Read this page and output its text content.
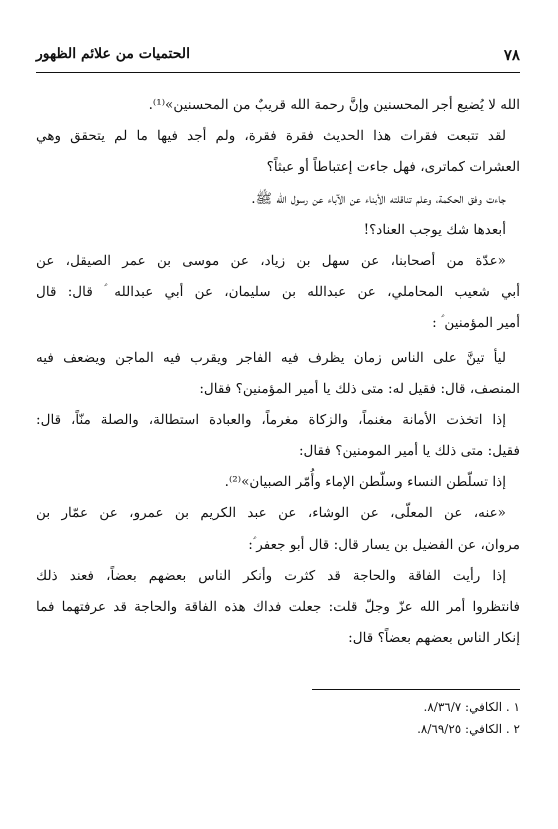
٧٨
الحتميات من علائم الظهور
الله لا يُضيع أجر المحسنين وإنَّ رحمة الله قريبٌ من المحسنين»⁽¹⁾.
لقد تتبعت فقرات هذا الحديث فقرة فقرة، ولم أجد فيها ما لم يتحقق وهي
العشرات كماترى، فهل جاءت إعتباطاً أو عبثاً؟
جاءت وفق الحكمة، وعلم تناقلته الأبناء عن الآباء عن رسول الله ﷺ.
أبعدها شك يوجب العناد؟!
«عدّة من أصحابنا، عن سهل بن زياد، عن موسى بن عمر الصيقل، عن
أبي شعيب المحاملي، عن عبدالله بن سليمان، عن أبي عبدالله ؑ قال: قال
أمير المؤمنين ؑ :
ليأ تينَّ على الناس زمان يظرف فيه الفاجر ويقرب فيه الماجن ويضعف فيه
المنصف، قال: فقيل له: متى ذلك يا أمير المؤمنين؟ فقال:
إذا اتخذت الأمانة مغنماً، والزكاة مغرماً، والعبادة استطالة، والصلة منّاً، قال:
فقيل: متى ذلك يا أمير المومنين؟ فقال:
إذا تسلّطن النساء وسلّطن الإماء وأُمّر الصبيان»⁽²⁾.
«عنه، عن المعلّى، عن الوشاء، عن عبد الكريم بن عمرو، عن عمّار بن
مروان، عن الفضيل بن يسار قال: قال أبو جعفر ؑ:
إذا رأيت الفاقة والحاجة قد كثرت وأنكر الناس بعضهم بعضاً، فعند ذلك
فانتظروا أمر الله عزّ وجلّ قلت: جعلت فداك هذه الفاقة والحاجة قد عرفتهما فما
إنكار الناس بعضهم بعضاً؟ قال:
١ . الكافي: ٨/٣٦/٧.
٢ . الكافي: ٨/٦٩/٢٥.
